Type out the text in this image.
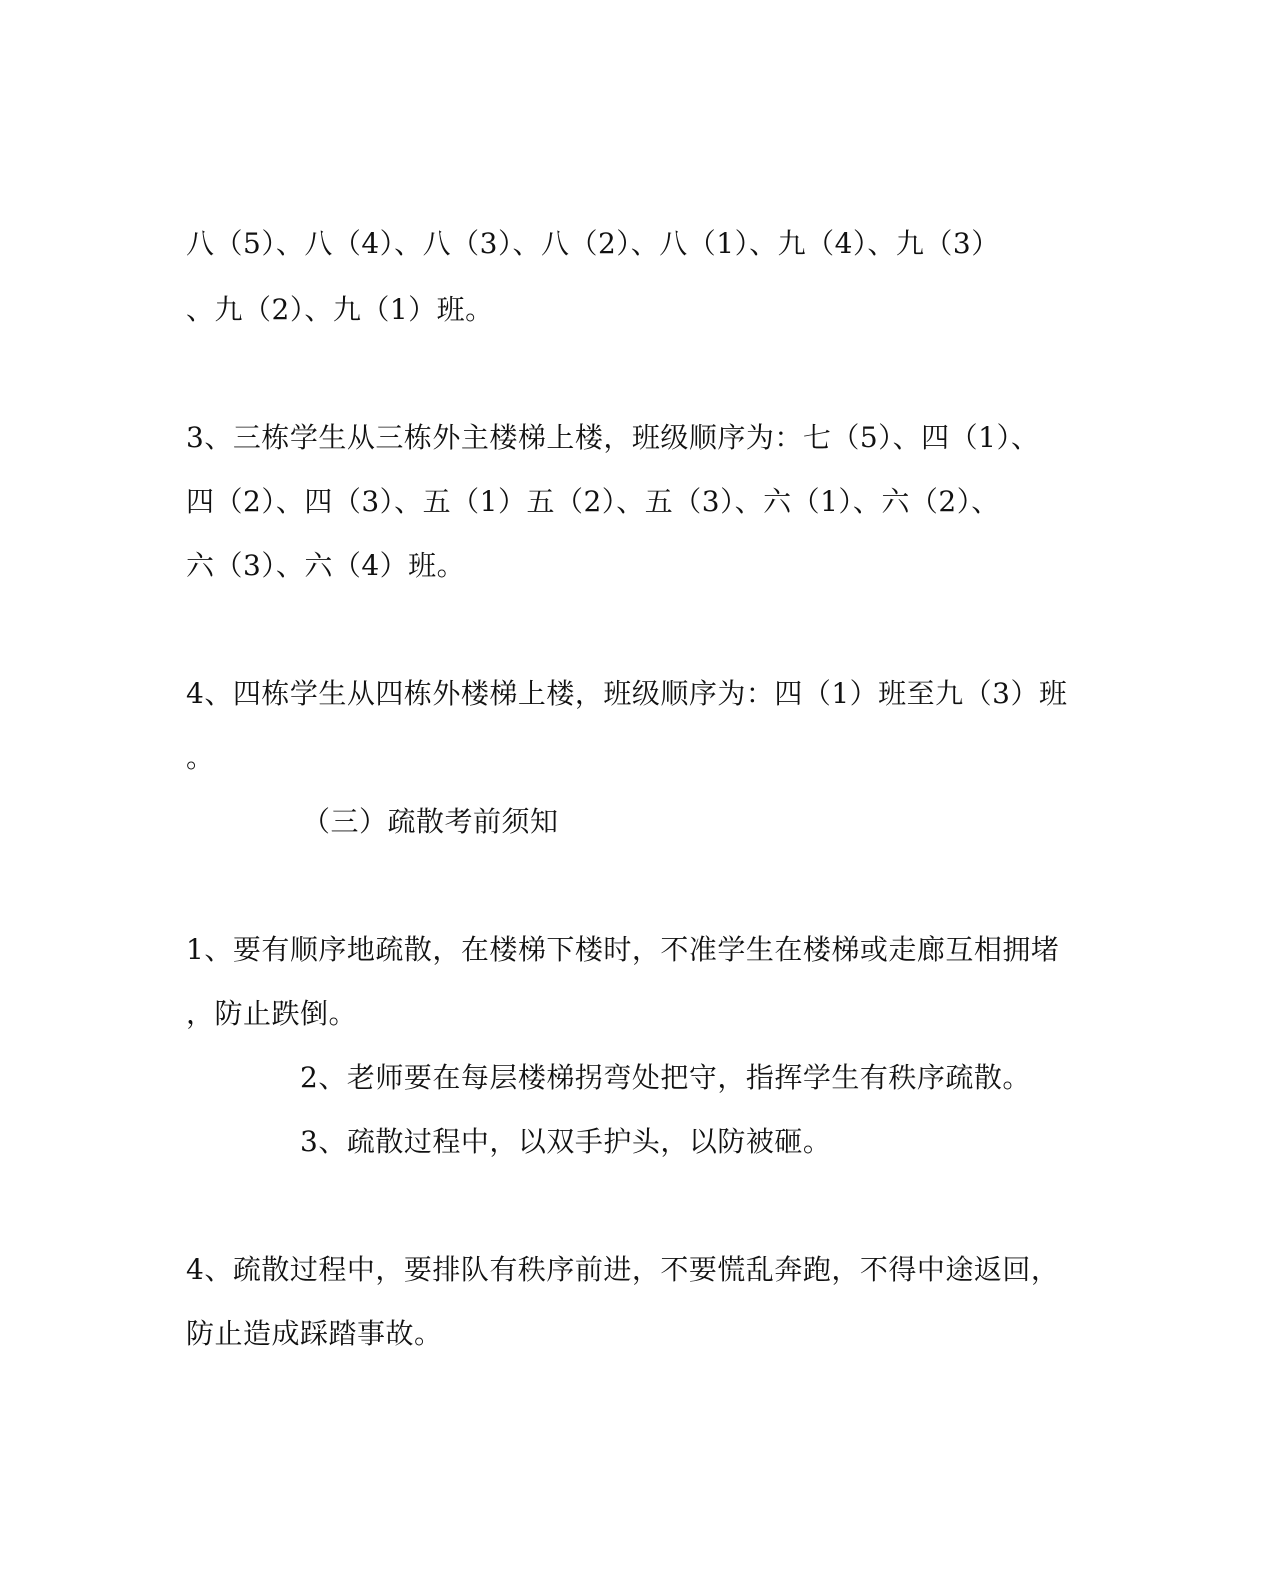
八（5）、八（4）、八（3）、八（2）、八（1）、九（4）、九（3）
、九（2）、九（1）班。
3、三栋学生从三栋外主楼梯上楼，班级顺序为：七（5）、四（1）、
四（2）、四（3）、五（1）五（2）、五（3）、六（1）、六（2）、
六（3）、六（4）班。
4、四栋学生从四栋外楼梯上楼，班级顺序为：四（1）班至九（3）班
。
（三）疏散考前须知
1、要有顺序地疏散，在楼梯下楼时，不准学生在楼梯或走廊互相拥堵
，防止跌倒。
2、老师要在每层楼梯拐弯处把守，指挥学生有秩序疏散。
3、疏散过程中，以双手护头，以防被砸。
4、疏散过程中，要排队有秩序前进，不要慌乱奔跑，不得中途返回，
防止造成踩踏事故。
